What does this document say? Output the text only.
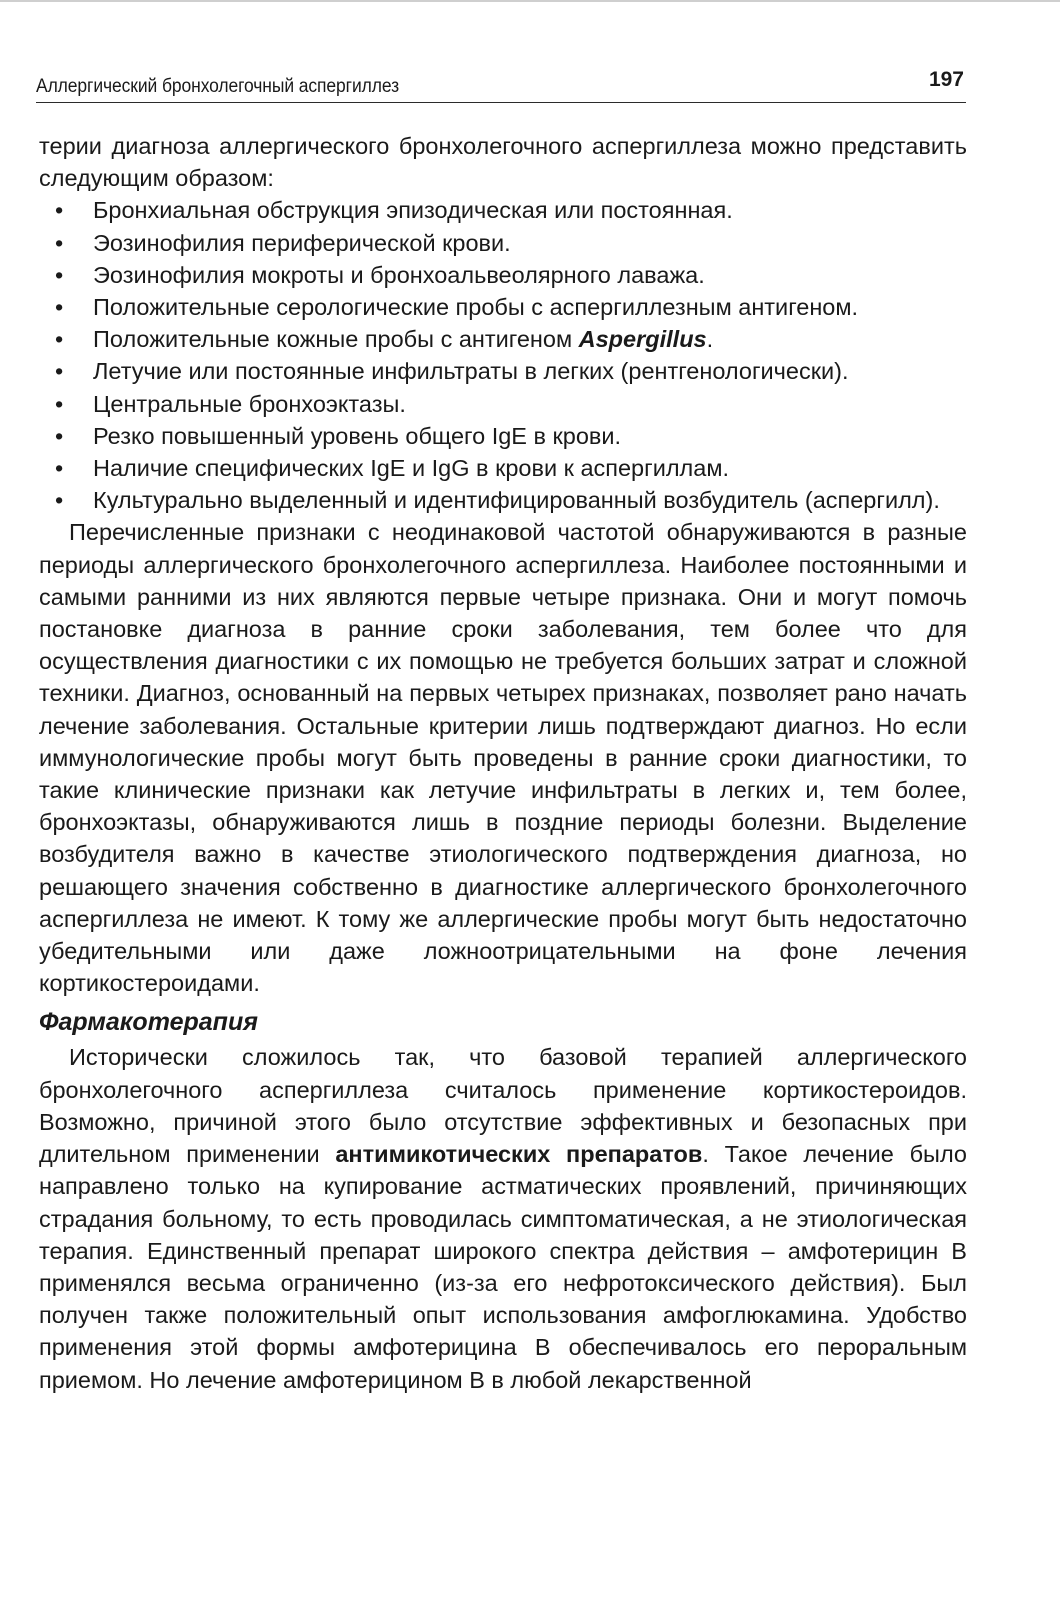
Аллергический бронхолегочный аспергиллез	197

терии диагноза аллергического бронхолегочного аспергиллеза можно представить следующим образом:

• Бронхиальная обструкция эпизодическая или постоянная.
• Эозинофилия периферической крови.
• Эозинофилия мокроты и бронхоальвеолярного лаважа.
• Положительные серологические пробы с аспергиллезным антигеном.
• Положительные кожные пробы с антигеном Aspergillus.
• Летучие или постоянные инфильтраты в легких (рентгенологически).
• Центральные бронхоэктазы.
• Резко повышенный уровень общего IgE в крови.
• Наличие специфических IgE и IgG в крови к аспергиллам.
• Культурально выделенный и идентифицированный возбудитель (аспергилл).

Перечисленные признаки с неодинаковой частотой обнаруживаются в разные периоды аллергического бронхолегочного аспергиллеза. Наиболее постоянными и самыми ранними из них являются первые четыре признака. Они и могут помочь постановке диагноза в ранние сроки заболевания, тем более что для осуществления диагностики с их помощью не требуется больших затрат и сложной техники. Диагноз, основанный на первых четырех признаках, позволяет рано начать лечение заболевания. Остальные критерии лишь подтверждают диагноз. Но если иммунологические пробы могут быть проведены в ранние сроки диагностики, то такие клинические признаки как летучие инфильтраты в легких и, тем более, бронхоэктазы, обнаруживаются лишь в поздние периоды болезни. Выделение возбудителя важно в качестве этиологического подтверждения диагноза, но решающего значения собственно в диагностике аллергического бронхолегочного аспергиллеза не имеют. К тому же аллергические пробы могут быть недостаточно убедительными или даже ложноотрицательными на фоне лечения кортикостероидами.

Фармакотерапия

Исторически сложилось так, что базовой терапией аллергического бронхолегочного аспергиллеза считалось применение кортикостероидов. Возможно, причиной этого было отсутствие эффективных и безопасных при длительном применении антимикотических препаратов. Такое лечение было направлено только на купирование астматических проявлений, причиняющих страдания больному, то есть проводилась симптоматическая, а не этиологическая терапия. Единственный препарат широкого спектра действия – амфотерицин B применялся весьма ограниченно (из-за его нефротоксического действия). Был получен также положительный опыт использования амфоглюкамина. Удобство применения этой формы амфотерицина B обеспечивалось его пероральным приемом. Но лечение амфотерицином B в любой лекарственной
